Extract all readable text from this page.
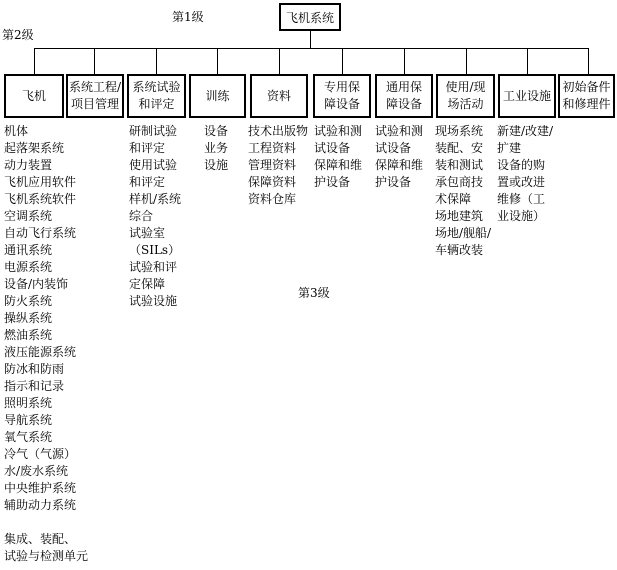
第1级
第2级
第3级
飞机系统
飞机
系统工程/
项目管理
系统试验
和评定
训练	资料
专用保
障设备
通用保
障设备
使用/现
场活动
工业设施
初始备件
和修理件
机体
起落架系统
动力装置
飞机应用软件
飞机系统软件
空调系统
自动飞行系统
通讯系统
电源系统
设备/内装饰
防火系统
操纵系统
燃油系统
液压能源系统
防冰和防雨
指示和记录
照明系统
导航系统
氧气系统
冷气（气源）
水/废水系统
中央维护系统
辅助动力系统
集成、装配、
试验与检测单元
研制试验
和评定
使用试验
和评定
样机/系统
综合
试验室
（SILs）
试验和评
定保障
试验设施
设备
业务
设施
技术出版物
工程资料
管理资料
保障资料
资料仓库
试验和测
试设备
保障和维
护设备
试验和测
试设备
保障和维
护设备
现场系统
装配、安
装和测试
承包商技
术保障
场地建筑
场地/舰船/
车辆改装
新建/改建/
扩建
设备的购
置或改进
维修（工
业设施）
